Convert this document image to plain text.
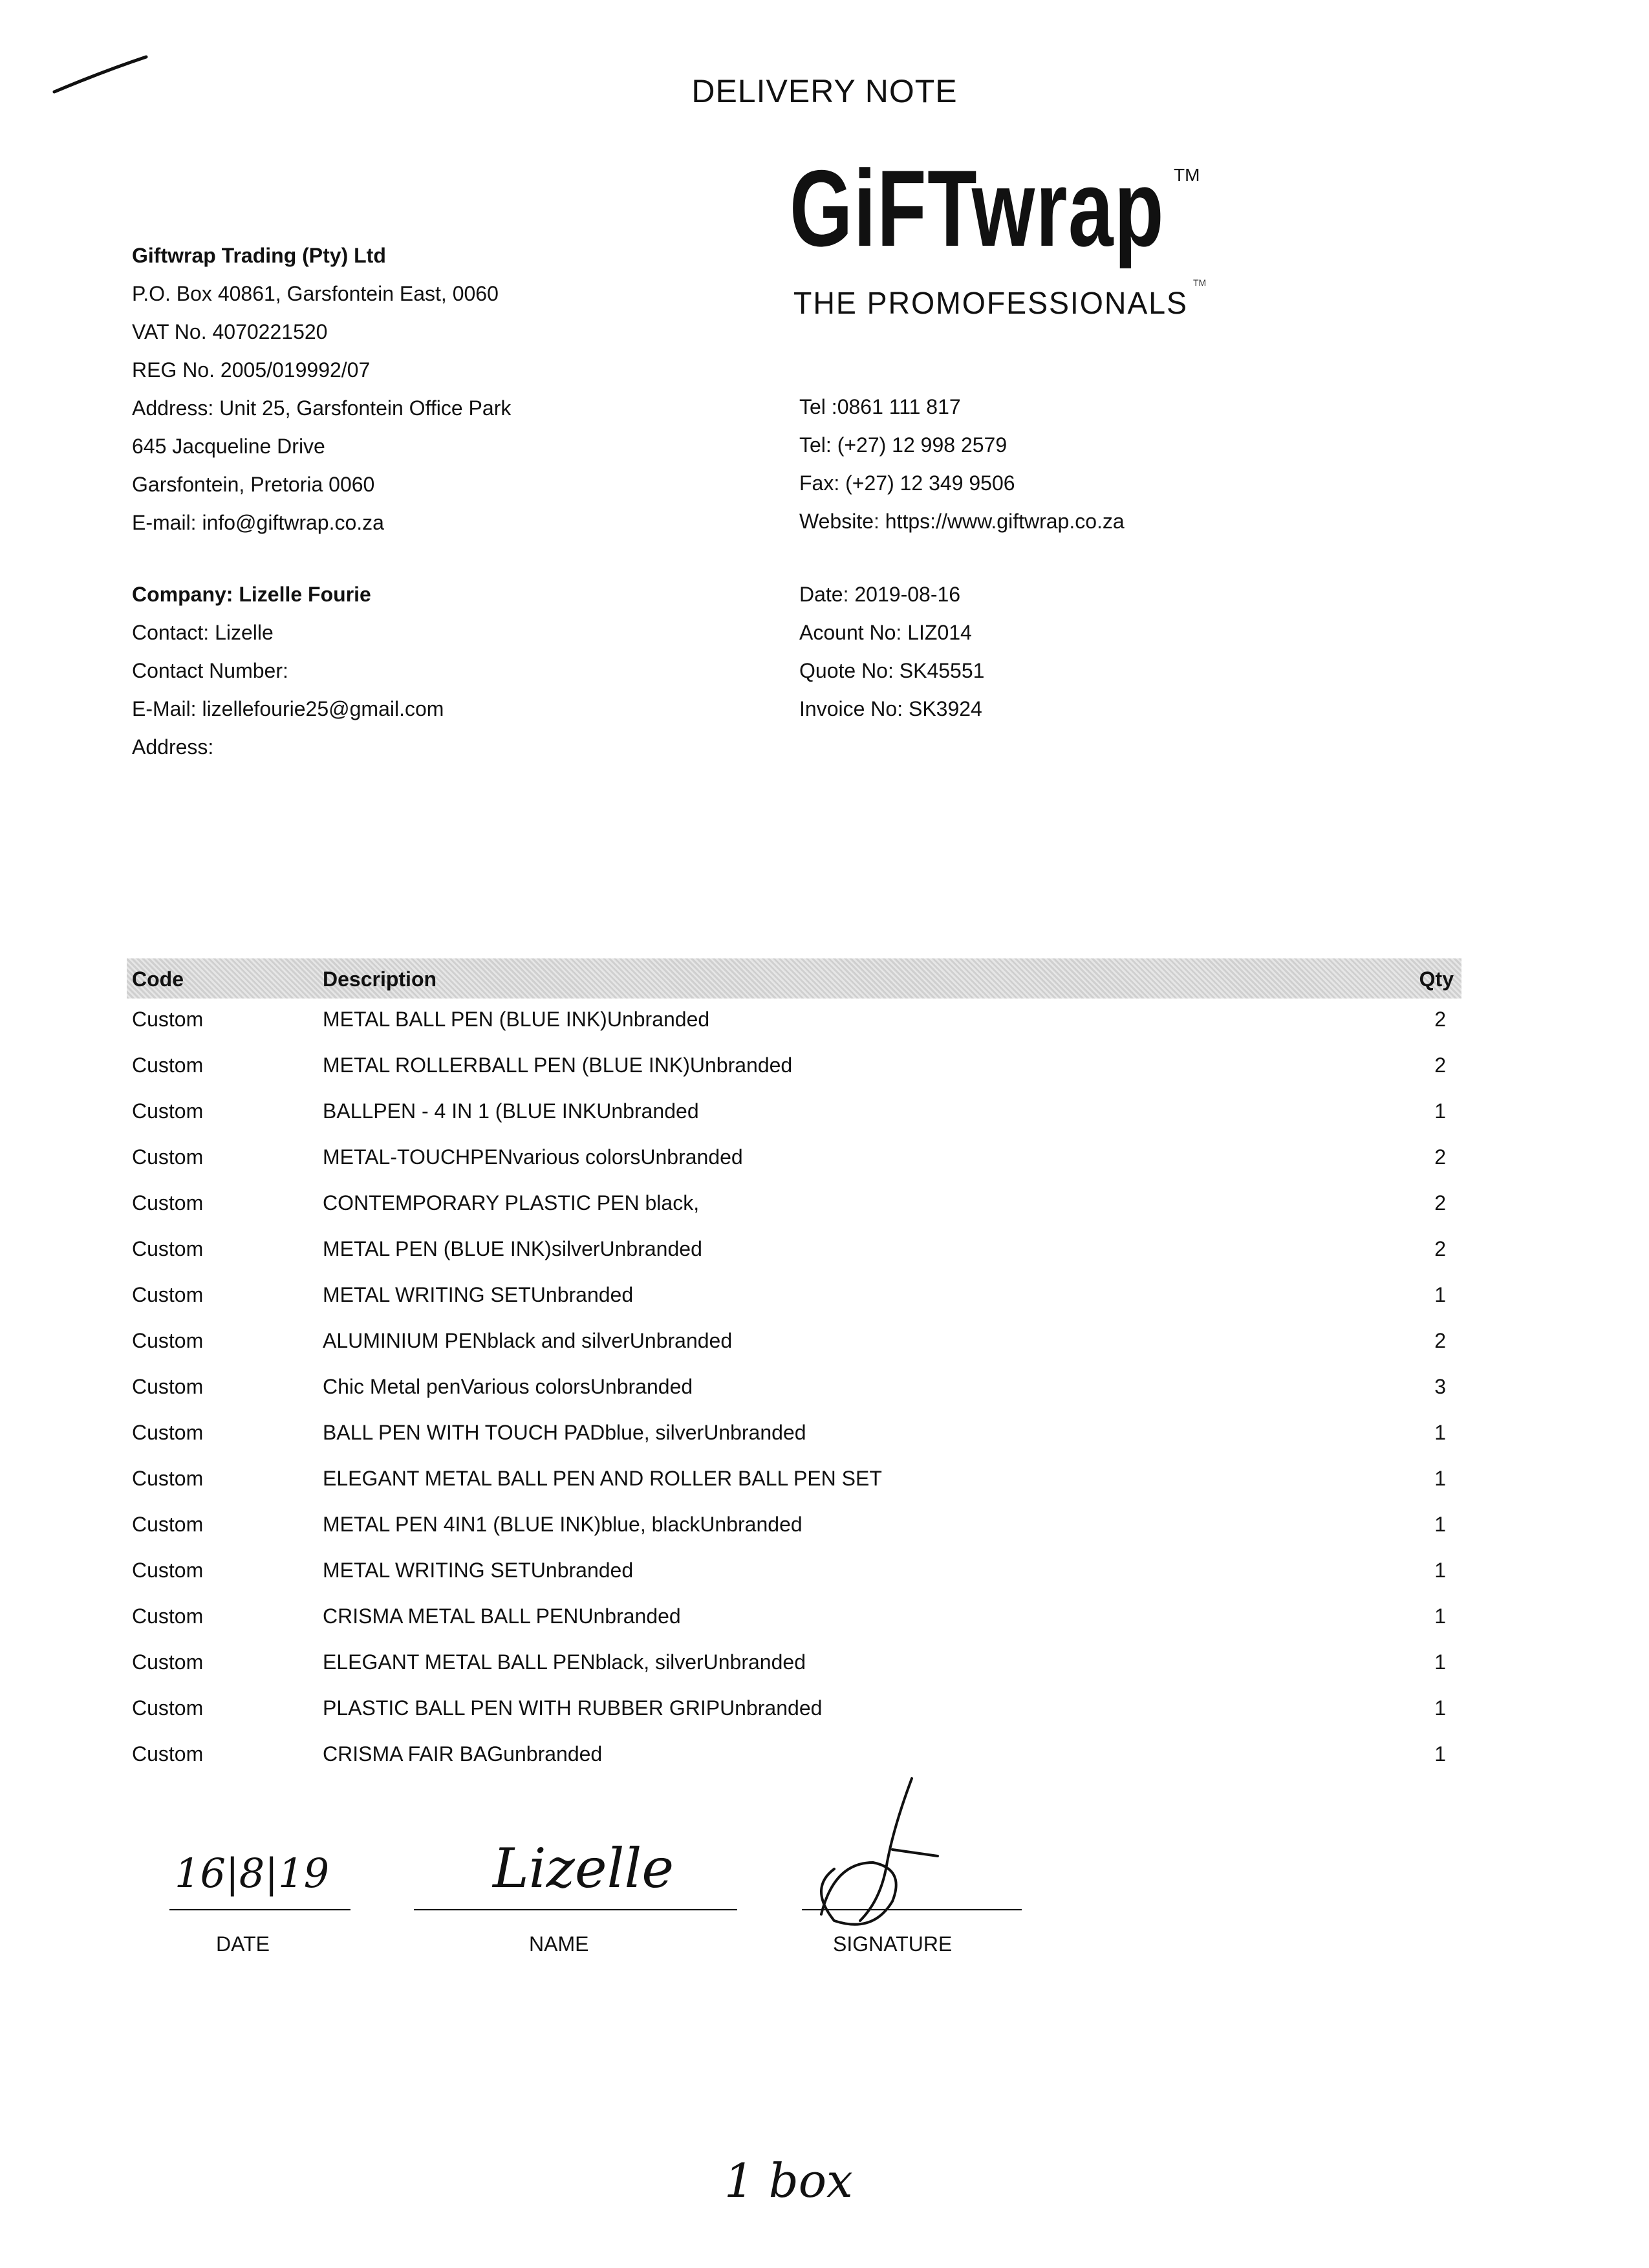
DELIVERY NOTE
GiFTwrap TM
THE PROMOFESSIONALS
TM
Giftwrap Trading (Pty) Ltd
P.O. Box 40861, Garsfontein East, 0060
VAT No. 4070221520
REG No. 2005/019992/07
Address: Unit 25, Garsfontein Office Park
645 Jacqueline Drive
Garsfontein, Pretoria 0060
E-mail: info@giftwrap.co.za
Tel :0861 111 817
Tel: (+27) 12 998 2579
Fax: (+27) 12 349 9506
Website: https://www.giftwrap.co.za
Company: Lizelle Fourie
Contact: Lizelle
Contact Number:
E-Mail: lizellefourie25@gmail.com
Address:
Date: 2019-08-16
Acount No: LIZ014
Quote No: SK45551
Invoice No: SK3924
Code	Description	Qty
Custom	METAL BALL PEN (BLUE INK)Unbranded	2
Custom	METAL ROLLERBALL PEN (BLUE INK)Unbranded	2
Custom	BALLPEN - 4 IN 1 (BLUE INKUnbranded	1
Custom	METAL-TOUCHPENvarious colorsUnbranded	2
Custom	CONTEMPORARY PLASTIC PEN black,	2
Custom	METAL PEN (BLUE INK)silverUnbranded	2
Custom	METAL WRITING SETUnbranded	1
Custom	ALUMINIUM PENblack and silverUnbranded	2
Custom	Chic Metal penVarious colorsUnbranded	3
Custom	BALL PEN WITH TOUCH PADblue, silverUnbranded	1
Custom	ELEGANT METAL BALL PEN AND ROLLER BALL PEN SET	1
Custom	METAL PEN 4IN1 (BLUE INK)blue, blackUnbranded	1
Custom	METAL WRITING SETUnbranded	1
Custom	CRISMA METAL BALL PENUnbranded	1
Custom	ELEGANT METAL BALL PENblack, silverUnbranded	1
Custom	PLASTIC BALL PEN WITH RUBBER GRIPUnbranded	1
Custom	CRISMA FAIR BAGunbranded	1
16|8|19
DATE
Lizelle
NAME	SIGNATURE
1 box
